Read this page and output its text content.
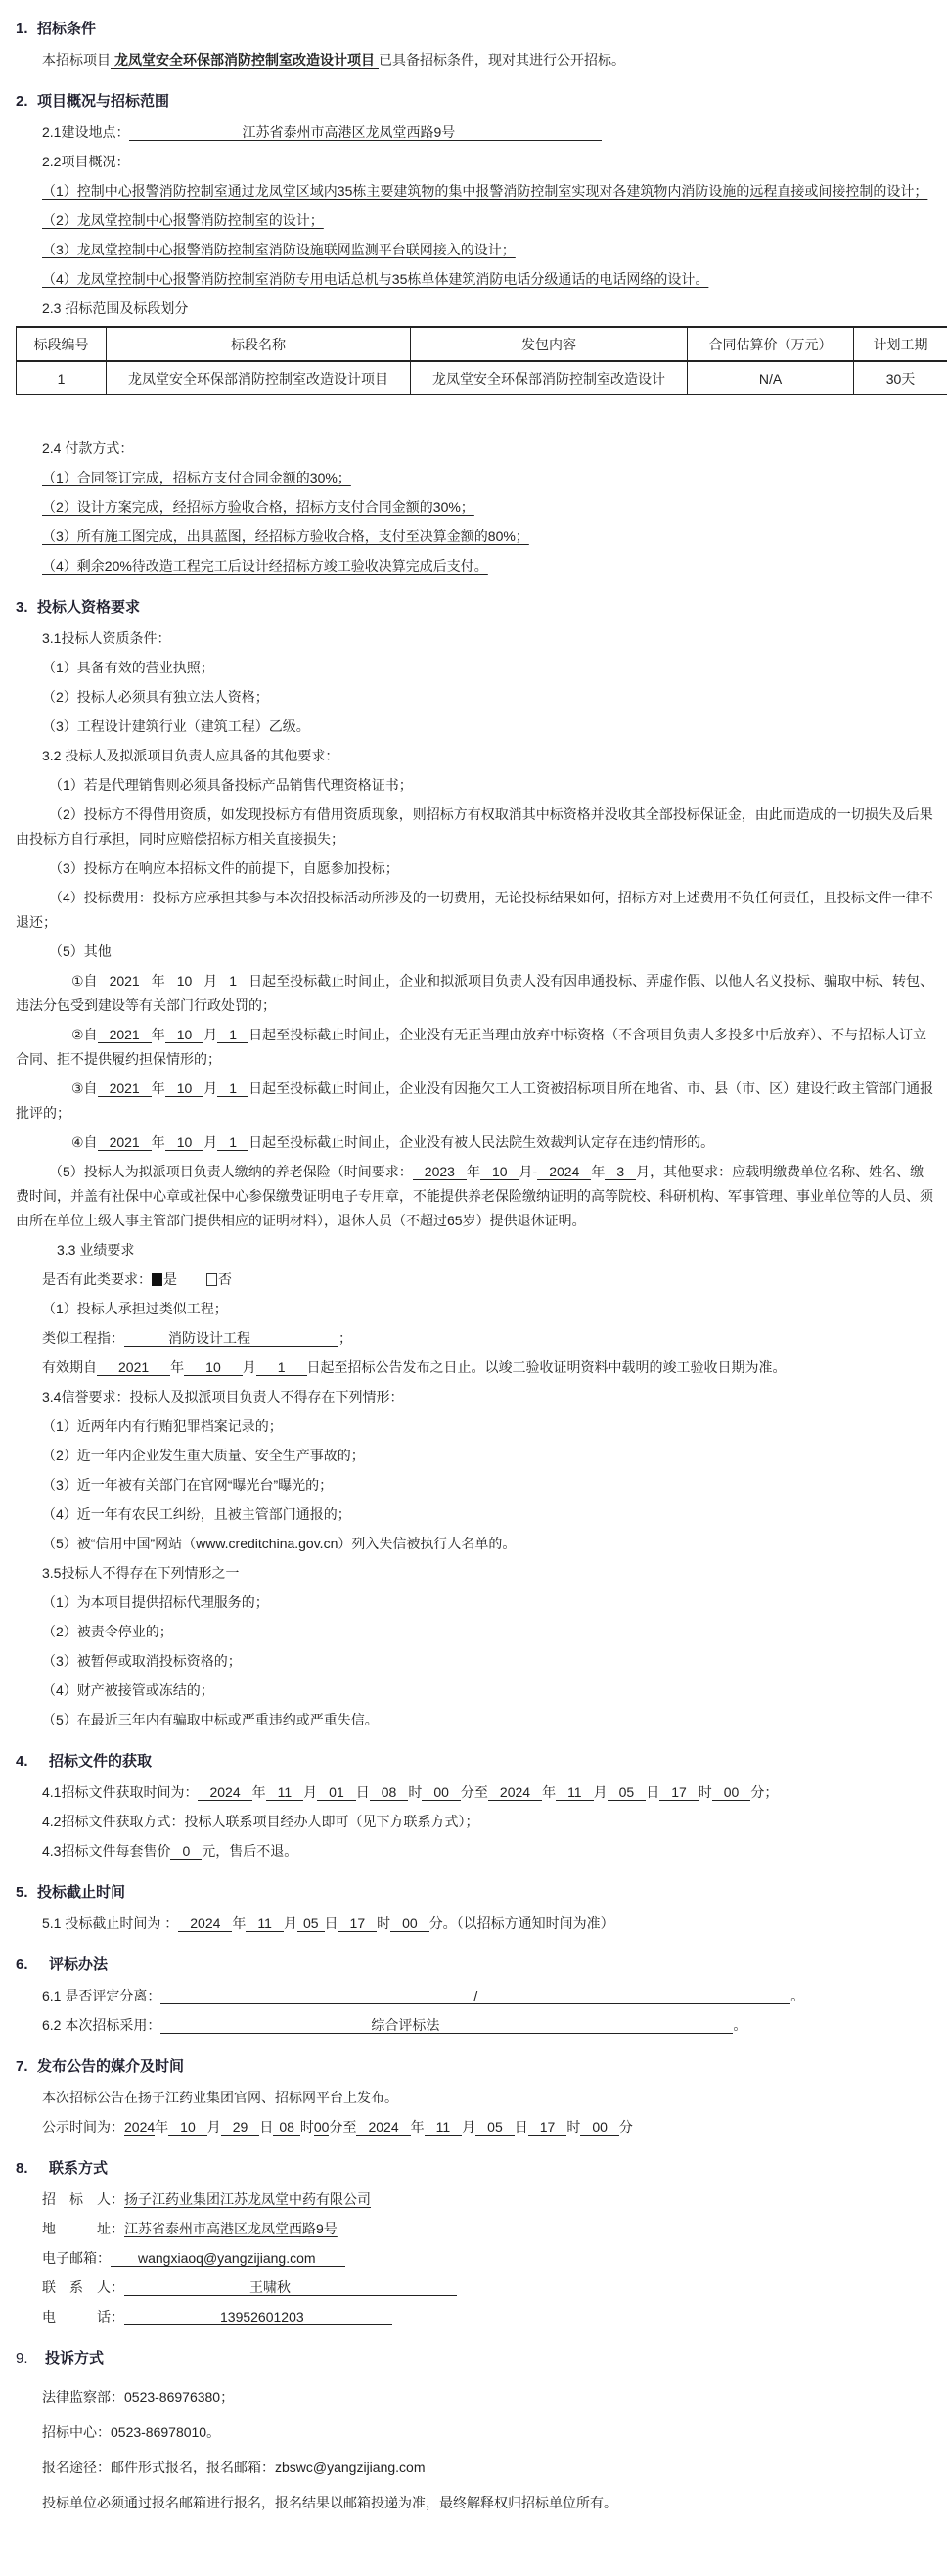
1. 招标条件

本招标项目 龙凤堂安全环保部消防控制室改造设计项目 已具备招标条件，现对其进行公开招标。

2. 项目概况与招标范围

2.1建设地点：	江苏省泰州市高港区龙凤堂西路9号

2.2项目概况：

（1）控制中心报警消防控制室通过龙凤堂区域内35栋主要建筑物的集中报警消防控制室实现对各建筑物内消防设施的远程直接或间接控制的设计；

（2）龙凤堂控制中心报警消防控制室的设计；

（3）龙凤堂控制中心报警消防控制室消防设施联网监测平台联网接入的设计；

（4）龙凤堂控制中心报警消防控制室消防专用电话总机与35栋单体建筑消防电话分级通话的电话网络的设计。

2.3 招标范围及标段划分

标段编号	标段名称	发包内容	合同估算价（万元）	计划工期
1	龙凤堂安全环保部消防控制室改造设计项目	龙凤堂安全环保部消防控制室改造设计	N/A	30天

2.4 付款方式：

（1）合同签订完成，招标方支付合同金额的30%；

（2）设计方案完成，经招标方验收合格，招标方支付合同金额的30%；

（3）所有施工图完成，出具蓝图，经招标方验收合格，支付至决算金额的80%；

（4）剩余20%待改造工程完工后设计经招标方竣工验收决算完成后支付。

3. 投标人资格要求

3.1投标人资质条件：

（1）具备有效的营业执照；

（2）投标人必须具有独立法人资格；

（3）工程设计建筑行业（建筑工程）乙级。

3.2 投标人及拟派项目负责人应具备的其他要求：

（1）若是代理销售则必须具备投标产品销售代理资格证书；

（2）投标方不得借用资质，如发现投标方有借用资质现象，则招标方有权取消其中标资格并没收其全部投标保证金，由此而造成的一切损失及后果由投标方自行承担，同时应赔偿招标方相关直接损失；

（3）投标方在响应本招标文件的前提下，自愿参加投标；

（4）投标费用：投标方应承担其参与本次招投标活动所涉及的一切费用，无论投标结果如何，招标方对上述费用不负任何责任，且投标文件一律不退还；

（5）其他

①自 2021 年 10 月 1 日起至投标截止时间止，企业和拟派项目负责人没有因串通投标、弄虚作假、以他人名义投标、骗取中标、转包、违法分包受到建设等有关部门行政处罚的；

②自 2021 年 10 月 1 日起至投标截止时间止，企业没有无正当理由放弃中标资格（不含项目负责人多投多中后放弃）、不与招标人订立合同、拒不提供履约担保情形的；

③自 2021 年 10 月 1 日起至投标截止时间止，企业没有因拖欠工人工资被招标项目所在地省、市、县（市、区）建设行政主管部门通报批评的；

④自 2021 年 10 月 1 日起至投标截止时间止，企业没有被人民法院生效裁判认定存在违约情形的。

（5）投标人为拟派项目负责人缴纳的养老保险（时间要求： 2023 年 10 月- 2024 年 3 月，其他要求：应载明缴费单位名称、姓名、缴费时间，并盖有社保中心章或社保中心参保缴费证明电子专用章，不能提供养老保险缴纳证明的高等院校、科研机构、军事管理、事业单位等的人员、须由所在单位上级人事主管部门提供相应的证明材料），退休人员（不超过65岁）提供退休证明。

3.3 业绩要求

是否有此类要求： 是	否

（1）投标人承担过类似工程；

类似工程指：	消防设计工程	；

有效期自 2021 年 10 月 1 日起至招标公告发布之日止。以竣工验收证明资料中载明的竣工验收日期为准。

3.4信誉要求：投标人及拟派项目负责人不得存在下列情形：

（1）近两年内有行贿犯罪档案记录的；

（2）近一年内企业发生重大质量、安全生产事故的；

（3）近一年被有关部门在官网“曝光台”曝光的；

（4）近一年有农民工纠纷，且被主管部门通报的；

（5）被“信用中国”网站（www.creditchina.gov.cn）列入失信被执行人名单的。

3.5投标人不得存在下列情形之一

（1）为本项目提供招标代理服务的；

（2）被责令停业的；

（3）被暂停或取消投标资格的；

（4）财产被接管或冻结的；

（5）在最近三年内有骗取中标或严重违约或严重失信。

4. 招标文件的获取

4.1招标文件获取时间为： 2024 年 11 月 01 日 08 时 00 分至 2024 年 11 月 05 日 17 时 00 分；

4.2招标文件获取方式：投标人联系项目经办人即可（见下方联系方式）；

4.3招标文件每套售价 0 元，售后不退。

5. 投标截止时间

5.1 投标截止时间为 ： 2024 年 11 月 05 日 17 时 00 分。（以招标方通知时间为准）

6. 评标办法

6.1 是否评定分离：	/	。

6.2 本次招标采用：	综合评标法	。

7. 发布公告的媒介及时间

本次招标公告在扬子江药业集团官网、招标网平台上发布。

公示时间为：2024年 10 月 29 日 08 时00分至 2024 年 11 月 05 日 17 时 00 分

8. 联系方式

招　标　人：扬子江药业集团江苏龙凤堂中药有限公司

地　　　址：江苏省泰州市高港区龙凤堂西路9号

电子邮箱： wangxiaoq@yangzijiang.com

联　系　人：	王啸秋

电　　　话：	13952601203

9. 投诉方式

法律监察部：0523-86976380；

招标中心：0523-86978010。

报名途径：邮件形式报名，报名邮箱：zbswc@yangzijiang.com

投标单位必须通过报名邮箱进行报名，报名结果以邮箱投递为准，最终解释权归招标单位所有。
